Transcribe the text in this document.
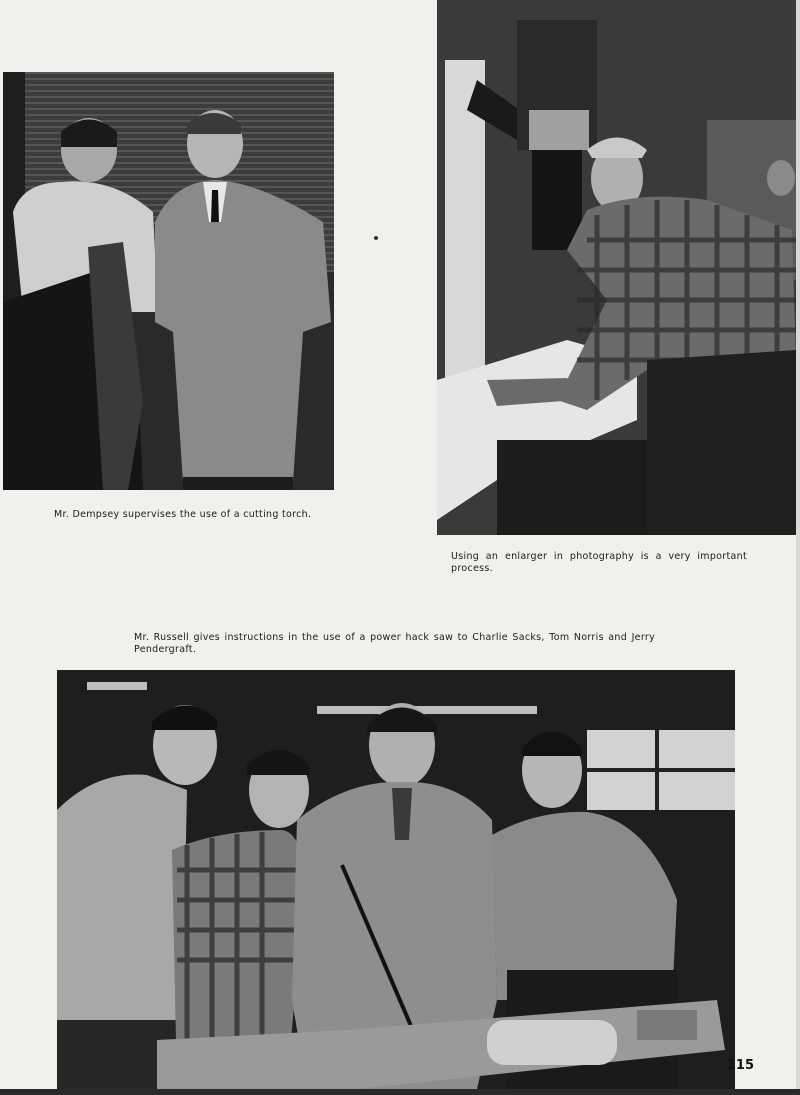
Mr. Dempsey supervises the use of a cutting torch.
Using an enlarger in photography is a very important process.
Mr. Russell gives instructions in the use of a power hack saw to Charlie Sacks, Tom Norris and Jerry Pendergraft.
115
